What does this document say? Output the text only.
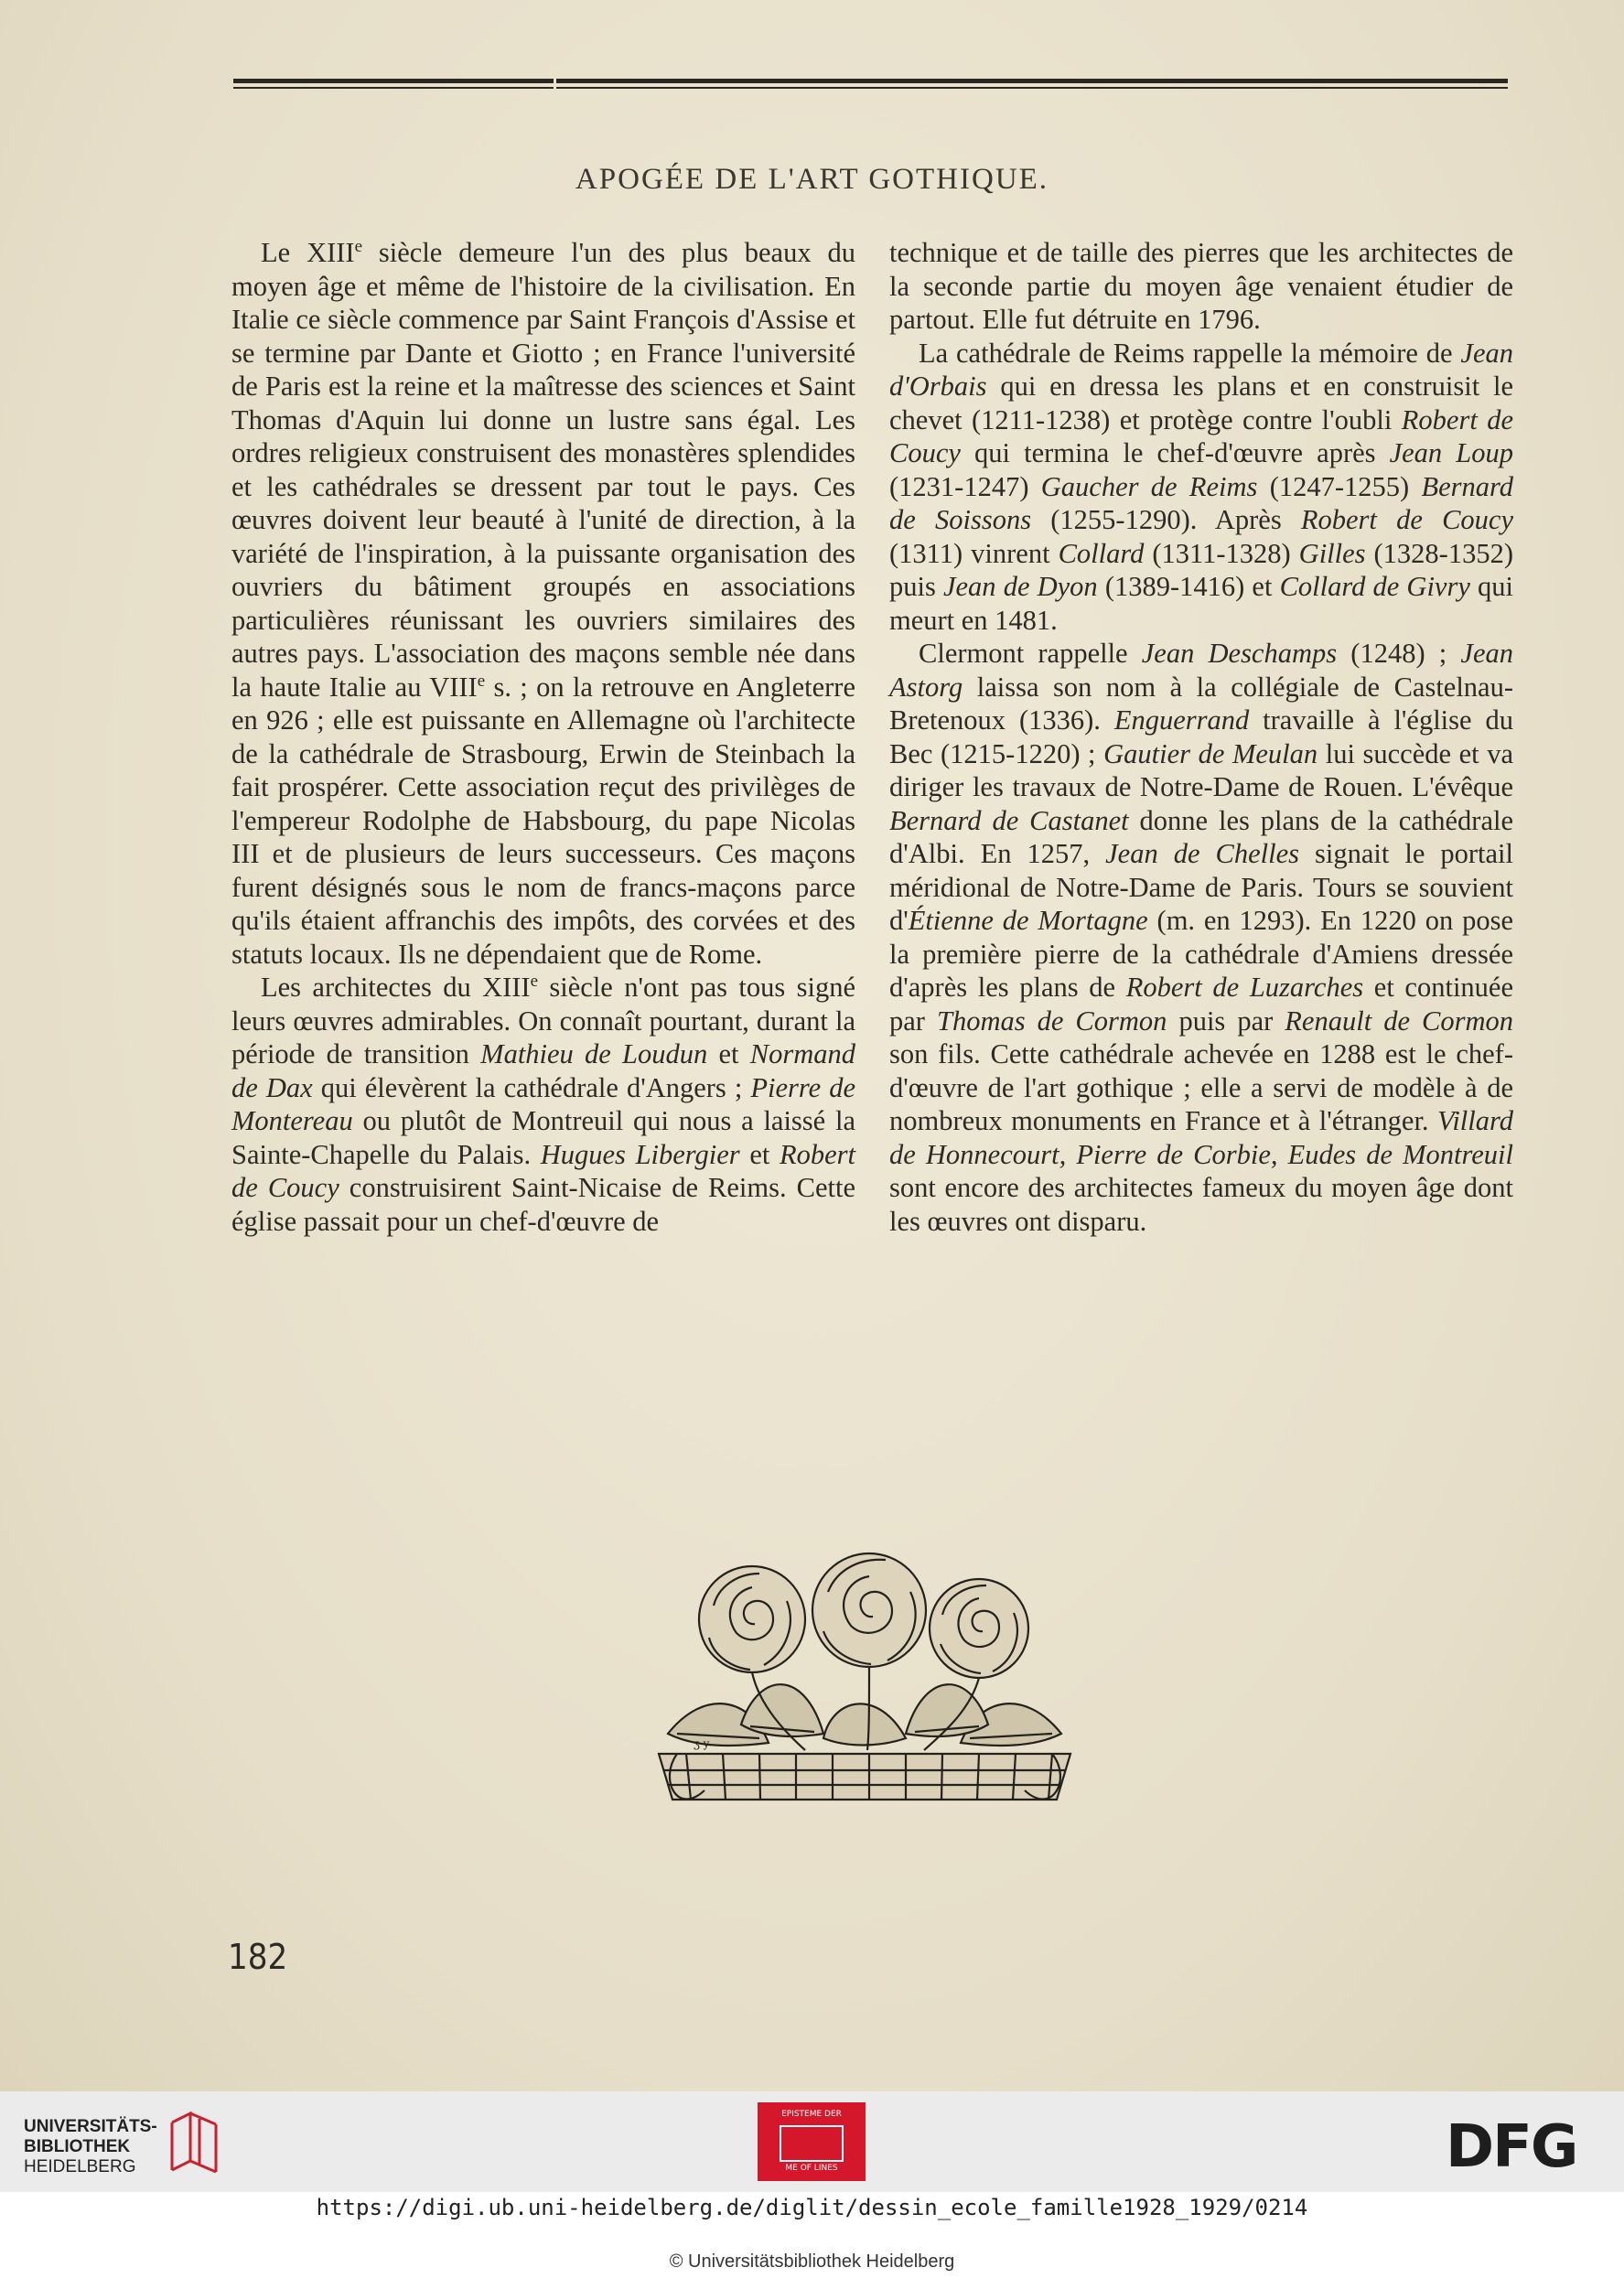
APOGÉE DE L'ART GOTHIQUE.

Le XIIIe siècle demeure l'un des plus beaux du moyen âge et même de l'histoire de la civilisation. En Italie ce siècle commence par Saint François d'Assise et se termine par Dante et Giotto ; en France l'université de Paris est la reine et la maîtresse des sciences et Saint Thomas d'Aquin lui donne un lustre sans égal. Les ordres religieux construisent des monastères splendides et les cathédrales se dressent par tout le pays. Ces œuvres doivent leur beauté à l'unité de direction, à la variété de l'inspiration, à la puissante organisation des ouvriers du bâtiment groupés en associations particulières réunissant les ouvriers similaires des autres pays. L'association des maçons semble née dans la haute Italie au VIIIe s. ; on la retrouve en Angleterre en 926 ; elle est puissante en Allemagne où l'architecte de la cathédrale de Strasbourg, Erwin de Steinbach la fait prospérer. Cette association reçut des privilèges de l'empereur Rodolphe de Habsbourg, du pape Nicolas III et de plusieurs de leurs successeurs. Ces maçons furent désignés sous le nom de francs-maçons parce qu'ils étaient affranchis des impôts, des corvées et des statuts locaux. Ils ne dépendaient que de Rome.

Les architectes du XIIIe siècle n'ont pas tous signé leurs œuvres admirables. On connaît pourtant, durant la période de transition Mathieu de Loudun et Normand de Dax qui élevèrent la cathédrale d'Angers ; Pierre de Montereau ou plutôt de Montreuil qui nous a laissé la Sainte-Chapelle du Palais. Hugues Libergier et Robert de Coucy construisirent Saint-Nicaise de Reims. Cette église passait pour un chef-d'œuvre de

technique et de taille des pierres que les architectes de la seconde partie du moyen âge venaient étudier de partout. Elle fut détruite en 1796.

La cathédrale de Reims rappelle la mémoire de Jean d'Orbais qui en dressa les plans et en construisit le chevet (1211-1238) et protège contre l'oubli Robert de Coucy qui termina le chef-d'œuvre après Jean Loup (1231-1247) Gaucher de Reims (1247-1255) Bernard de Soissons (1255-1290). Après Robert de Coucy (1311) vinrent Collard (1311-1328) Gilles (1328-1352) puis Jean de Dyon (1389-1416) et Collard de Givry qui meurt en 1481.

Clermont rappelle Jean Deschamps (1248) ; Jean Astorg laissa son nom à la collégiale de Castelnau-Bretenoux (1336). Enguerrand travaille à l'église du Bec (1215-1220) ; Gautier de Meulan lui succède et va diriger les travaux de Notre-Dame de Rouen. L'évêque Bernard de Castanet donne les plans de la cathédrale d'Albi. En 1257, Jean de Chelles signait le portail méridional de Notre-Dame de Paris. Tours se souvient d'Étienne de Mortagne (m. en 1293). En 1220 on pose la première pierre de la cathédrale d'Amiens dressée d'après les plans de Robert de Luzarches et continuée par Thomas de Cormon puis par Renault de Cormon son fils. Cette cathédrale achevée en 1288 est le chef-d'œuvre de l'art gothique ; elle a servi de modèle à de nombreux monuments en France et à l'étranger. Villard de Honnecourt, Pierre de Corbie, Eudes de Montreuil sont encore des architectes fameux du moyen âge dont les œuvres ont disparu.

ʒ·y
182
UNIVERSITÄTS-
BIBLIOTHEK
HEIDELBERG
EPISTEME DER
ME OF LINES	DFG
https://digi.ub.uni-heidelberg.de/diglit/dessin_ecole_famille1928_1929/0214
© Universitätsbibliothek Heidelberg
